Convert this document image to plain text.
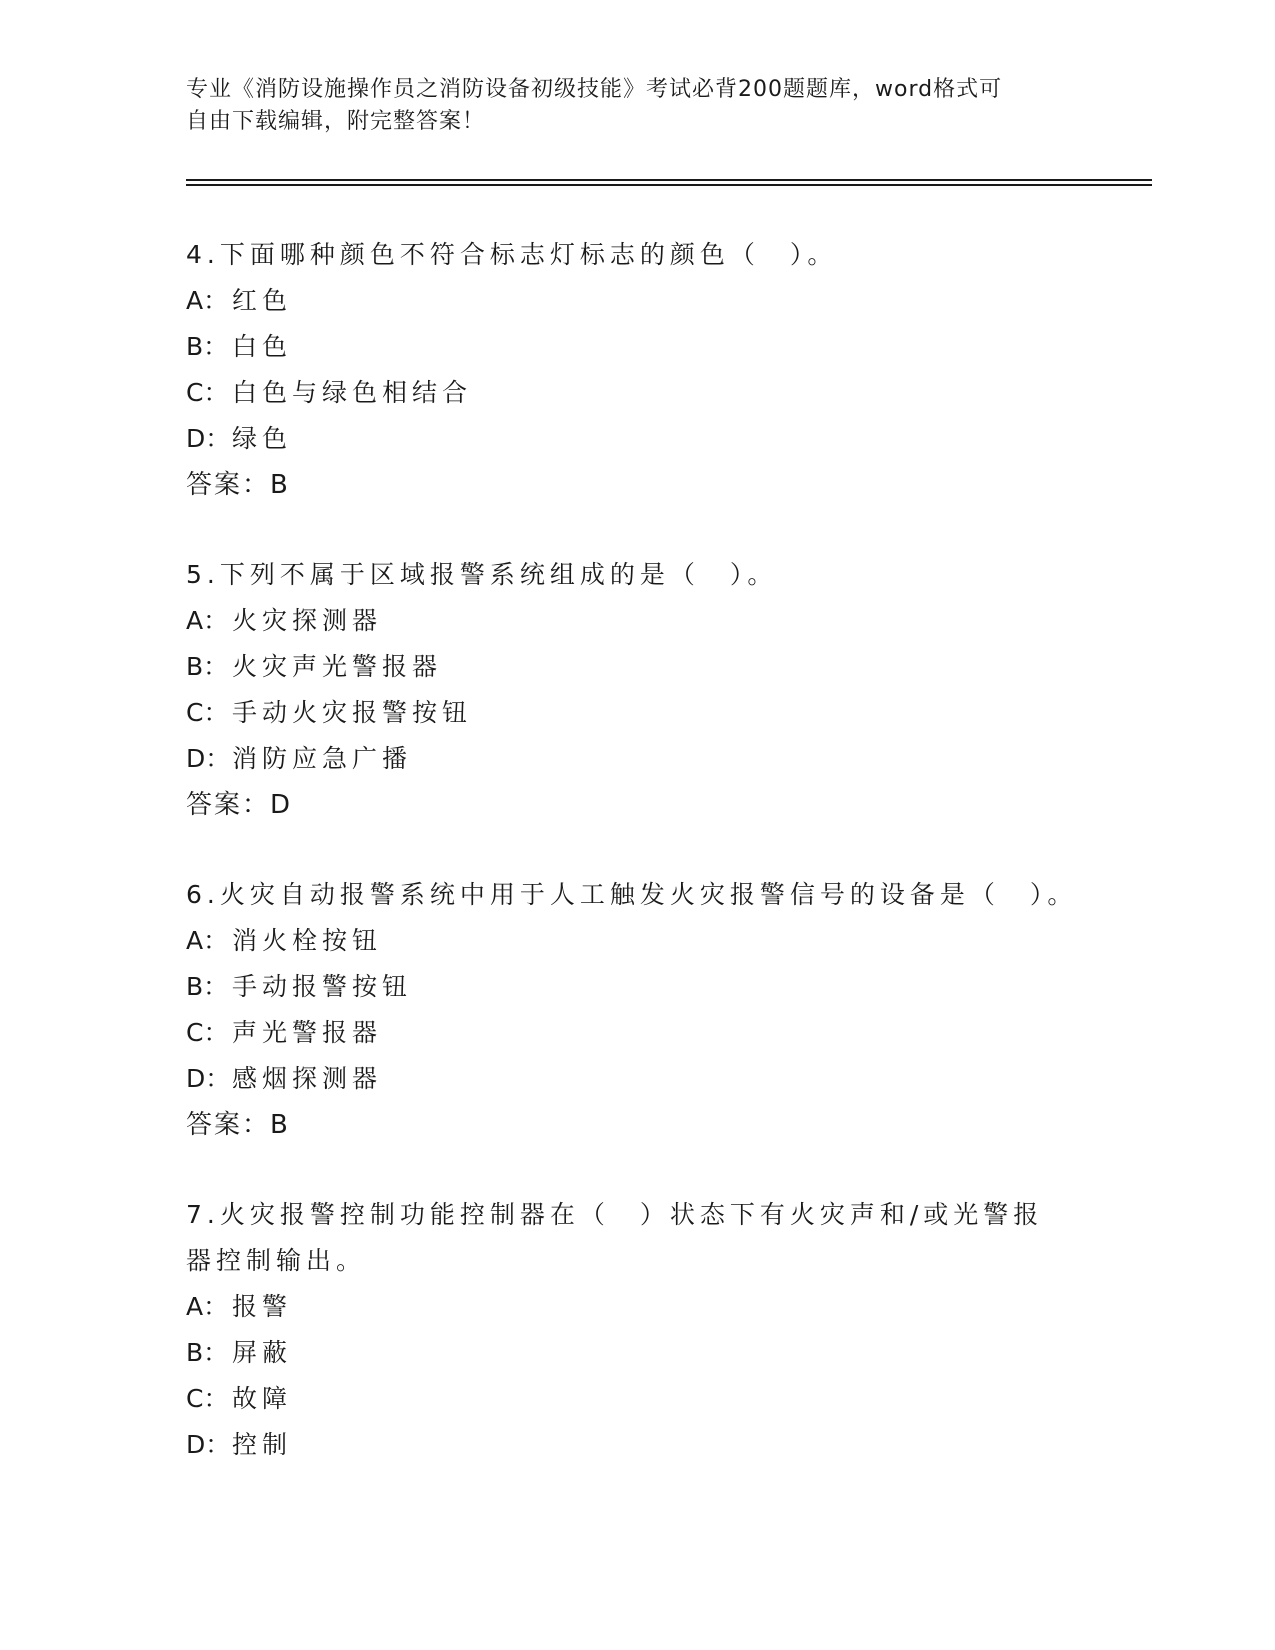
专业《消防设施操作员之消防设备初级技能》考试必背200题题库，word格式可
自由下载编辑，附完整答案！
4.下面哪种颜色不符合标志灯标志的颜色（　）。
A： 红色
B： 白色
C： 白色与绿色相结合
D：绿色
答案：B
5.下列不属于区域报警系统组成的是（　）。
A： 火灾探测器
B： 火灾声光警报器
C： 手动火灾报警按钮
D：消防应急广播
答案：D
6.火灾自动报警系统中用于人工触发火灾报警信号的设备是（　）。
A： 消火栓按钮
B： 手动报警按钮
C： 声光警报器
D：感烟探测器
答案：B
7.火灾报警控制功能控制器在（　）状态下有火灾声和/或光警报器控制输出。
A： 报警
B： 屏蔽
C： 故障
D：控制
